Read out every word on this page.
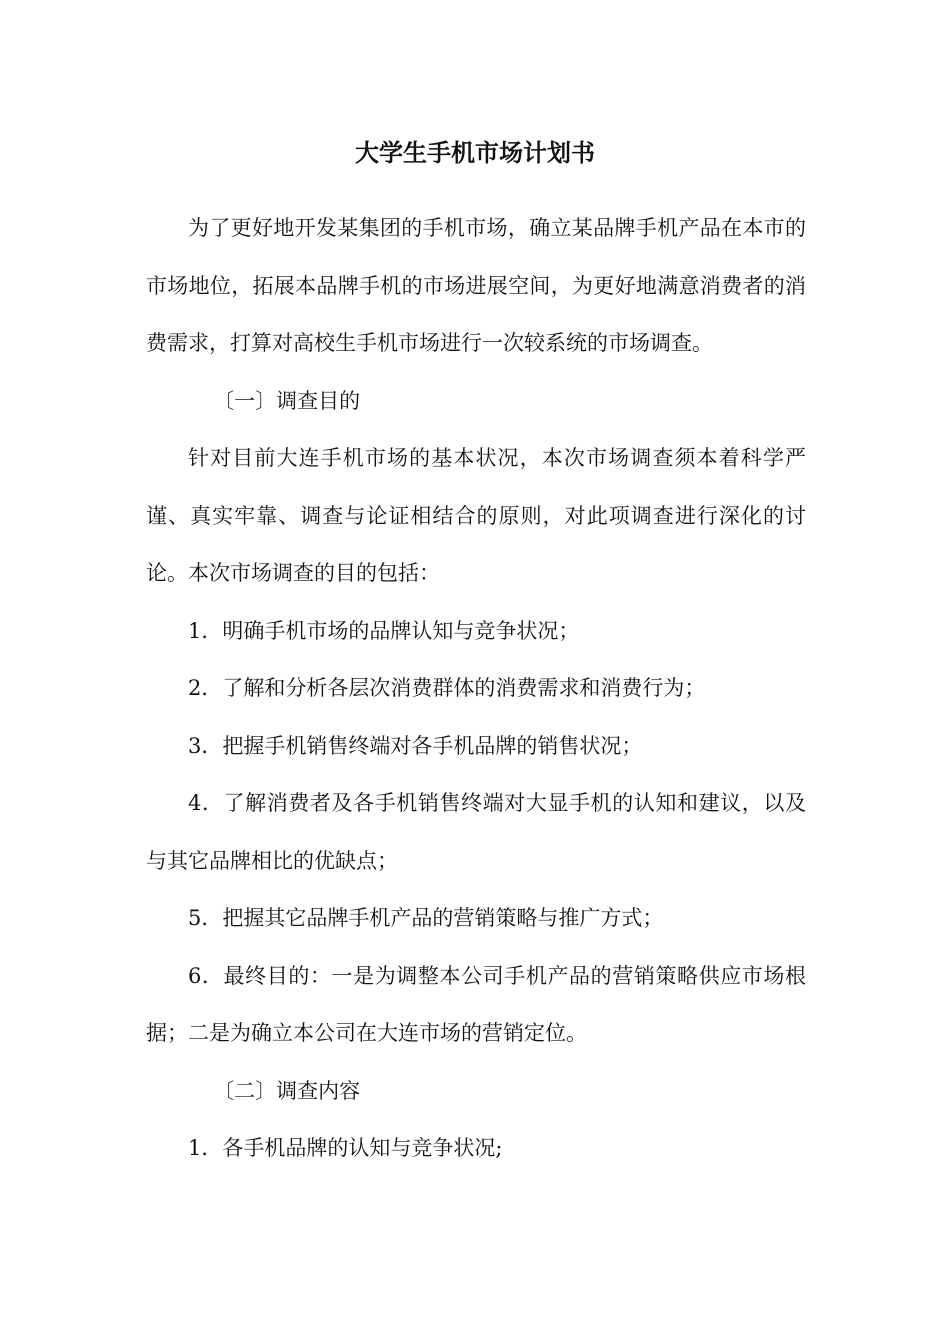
大学生手机市场计划书

为了更好地开发某集团的手机市场，确立某品牌手机产品在本市的市场地位，拓展本品牌手机的市场进展空间，为更好地满意消费者的消费需求，打算对高校生手机市场进行一次较系统的市场调查。

〔一〕调查目的

针对目前大连手机市场的基本状况，本次市场调查须本着科学严谨、真实牢靠、调查与论证相结合的原则，对此项调查进行深化的讨论。本次市场调查的目的包括：

1．明确手机市场的品牌认知与竞争状况；

2．了解和分析各层次消费群体的消费需求和消费行为；

3．把握手机销售终端对各手机品牌的销售状况；

4．了解消费者及各手机销售终端对大显手机的认知和建议，以及与其它品牌相比的优缺点；

5．把握其它品牌手机产品的营销策略与推广方式；

6．最终目的：一是为调整本公司手机产品的营销策略供应市场根据；二是为确立本公司在大连市场的营销定位。

〔二〕调查内容

1．各手机品牌的认知与竞争状况;
